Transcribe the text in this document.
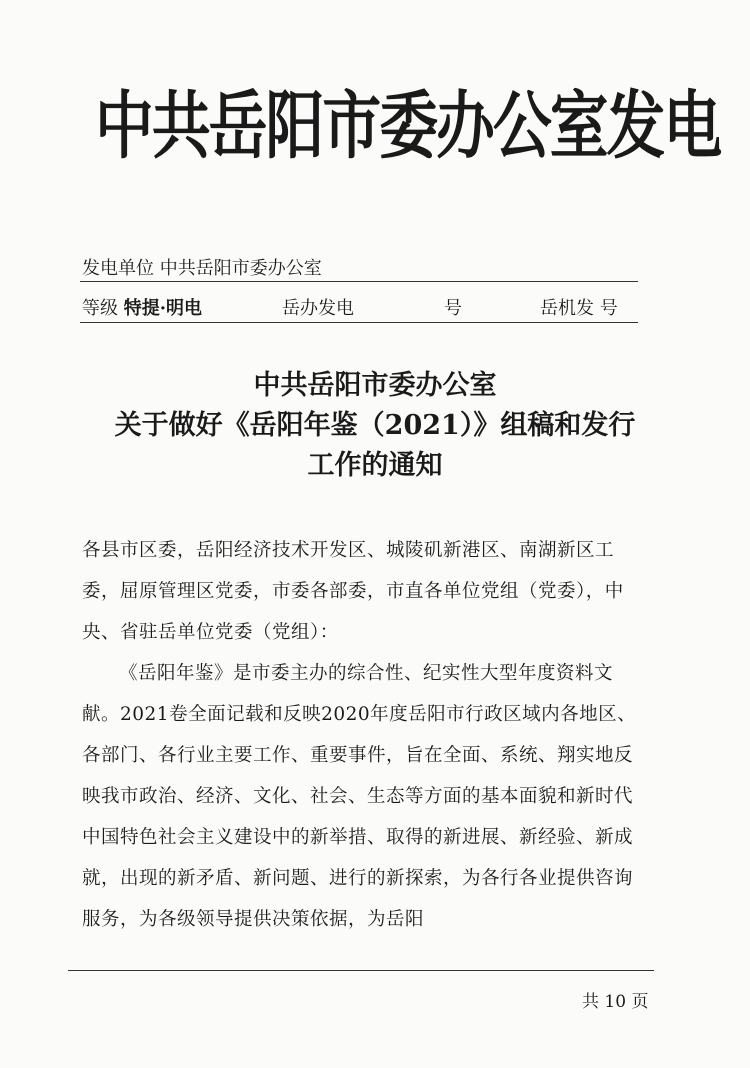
中共岳阳市委办公室发电
发电单位 中共岳阳市委办公室
等级 特提·明电	岳办发电	号	岳机发 号
中共岳阳市委办公室
关于做好《岳阳年鉴（2021）》组稿和发行
工作的通知

各县市区委，岳阳经济技术开发区、城陵矶新港区、南湖新区工委，屈原管理区党委，市委各部委，市直各单位党组（党委），中央、省驻岳单位党委（党组）：

《岳阳年鉴》是市委主办的综合性、纪实性大型年度资料文献。2021卷全面记载和反映2020年度岳阳市行政区域内各地区、各部门、各行业主要工作、重要事件，旨在全面、系统、翔实地反映我市政治、经济、文化、社会、生态等方面的基本面貌和新时代中国特色社会主义建设中的新举措、取得的新进展、新经验、新成就，出现的新矛盾、新问题、进行的新探索，为各行各业提供咨询服务，为各级领导提供决策依据，为岳阳

共 10 页
